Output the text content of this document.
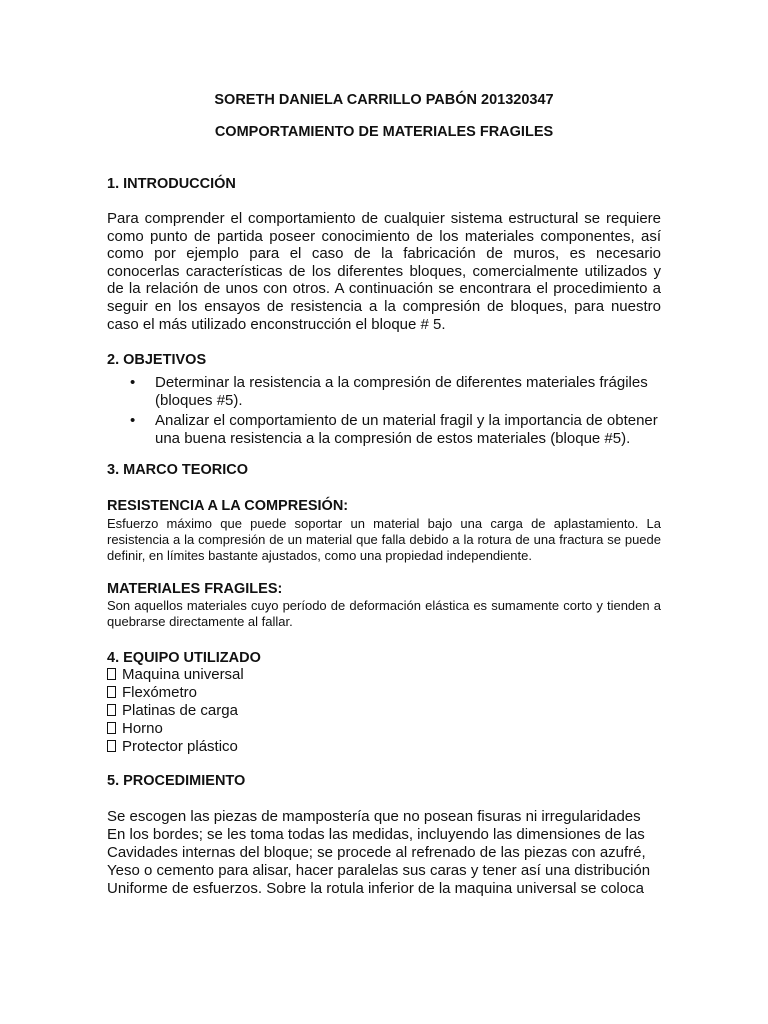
SORETH DANIELA CARRILLO PABÓN 201320347
COMPORTAMIENTO DE MATERIALES FRAGILES
1. INTRODUCCIÓN
Para comprender el comportamiento de cualquier sistema estructural se requiere como punto de partida poseer conocimiento de los materiales componentes, así como por ejemplo para el caso de la fabricación de muros, es necesario conocerlas características de los diferentes bloques, comercialmente utilizados y de la relación de unos con otros. A continuación se encontrara el procedimiento a seguir en los ensayos de resistencia a la compresión de bloques, para nuestro caso el más utilizado enconstrucción el bloque # 5.
2. OBJETIVOS
• Determinar la resistencia a la compresión de diferentes materiales frágiles (bloques #5).
• Analizar el comportamiento de un material fragil y la importancia de obtener una buena resistencia a la compresión de estos materiales (bloque #5).
3. MARCO TEORICO
RESISTENCIA A LA COMPRESIÓN:
Esfuerzo máximo que puede soportar un material bajo una carga de aplastamiento. La resistencia a la compresión de un material que falla debido a la rotura de una fractura se puede definir, en límites bastante ajustados, como una propiedad independiente.
MATERIALES FRAGILES:
Son aquellos materiales cuyo período de deformación elástica es sumamente corto y tienden a quebrarse directamente al fallar.
4. EQUIPO UTILIZADO
Maquina universal
Flexómetro
Platinas de carga
Horno
Protector plástico
5. PROCEDIMIENTO
Se escogen las piezas de mampostería que no posean fisuras ni irregularidades
En los bordes; se les toma todas las medidas, incluyendo las dimensiones de las
Cavidades internas del bloque; se procede al refrenado de las piezas con azufré,
Yeso o cemento para alisar, hacer paralelas sus caras y tener así una distribución
Uniforme de esfuerzos. Sobre la rotula inferior de la maquina universal se coloca
